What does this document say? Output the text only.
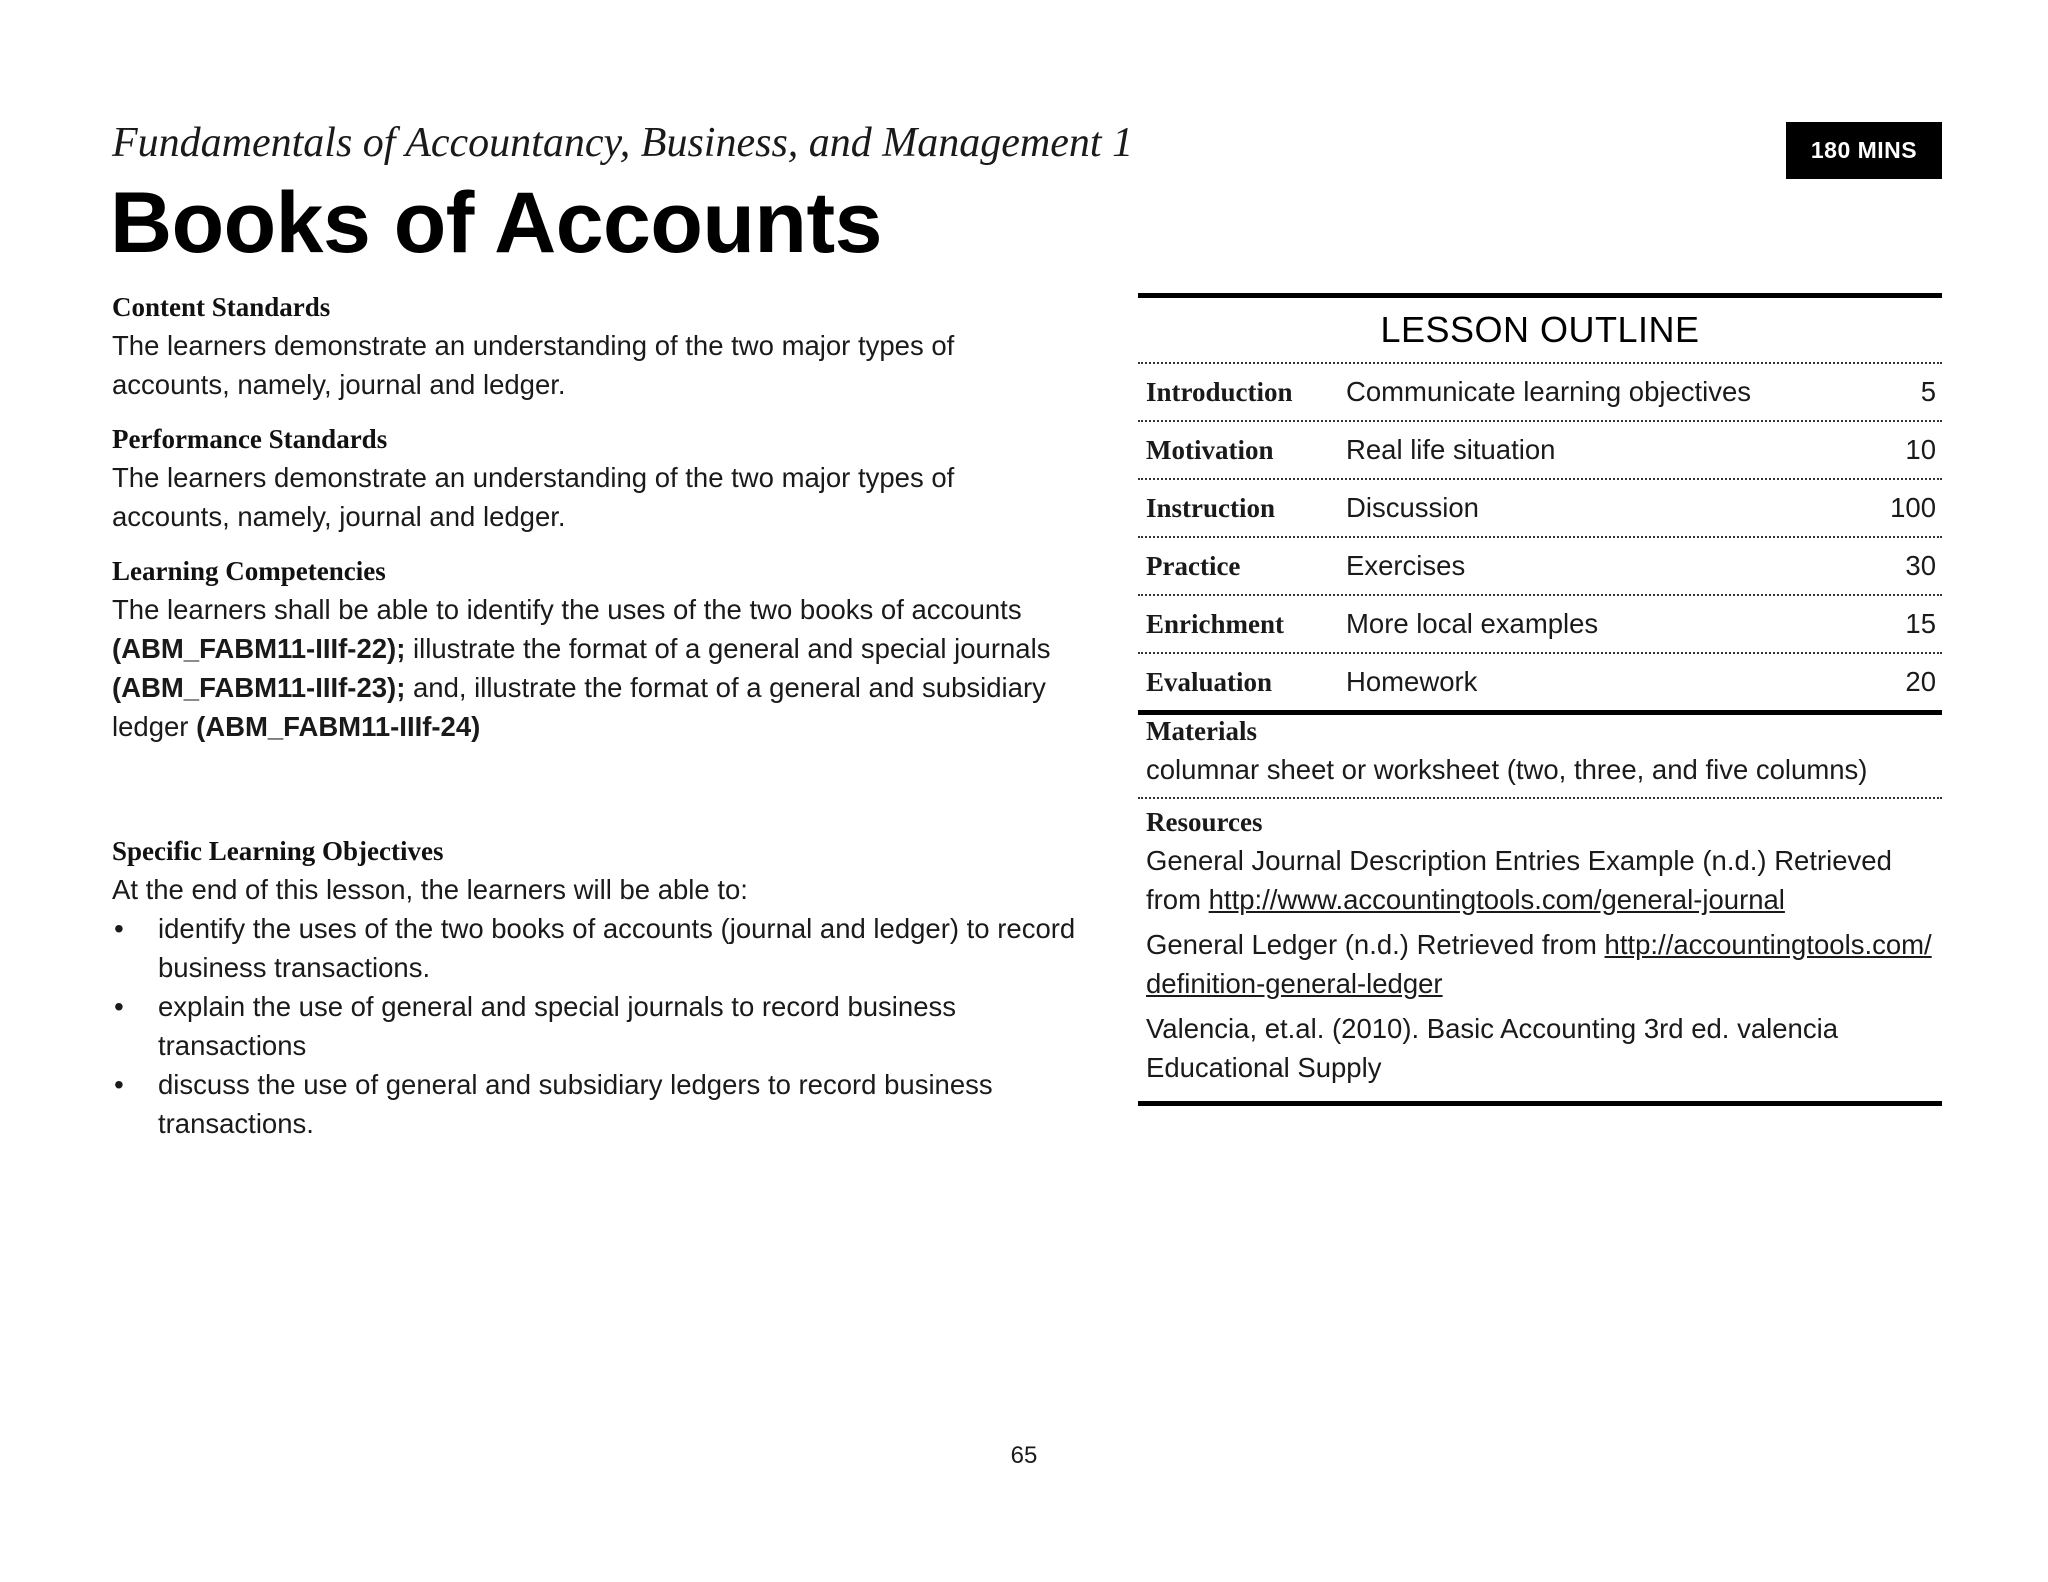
Fundamentals of Accountancy, Business, and Management 1	180 MINS
Books of Accounts
Content Standards
The learners demonstrate an understanding of the two major types of accounts, namely, journal and ledger.
Performance Standards
The learners demonstrate an understanding of the two major types of accounts, namely, journal and ledger.
Learning Competencies
The learners shall be able to identify the uses of the two books of accounts (ABM_FABM11-IIIf-22); illustrate the format of a general and special journals (ABM_FABM11-IIIf-23); and, illustrate the format of a general and subsidiary ledger (ABM_FABM11-IIIf-24)
Specific Learning Objectives
At the end of this lesson, the learners will be able to:
• identify the uses of the two books of accounts (journal and ledger) to record business transactions.
• explain the use of general and special journals to record business transactions
• discuss the use of general and subsidiary ledgers to record business transactions.
LESSON OUTLINE
Introduction	Communicate learning objectives	5
Motivation	Real life situation	10
Instruction	Discussion	100
Practice	Exercises	30
Enrichment	More local examples	15
Evaluation	Homework	20
Materials
columnar sheet or worksheet (two, three, and five columns)
Resources
General Journal Description Entries Example (n.d.) Retrieved from http://www.accountingtools.com/general-journal
General Ledger (n.d.) Retrieved from http://accountingtools.com/definition-general-ledger
Valencia, et.al. (2010). Basic Accounting 3rd ed. valencia Educational Supply
65
